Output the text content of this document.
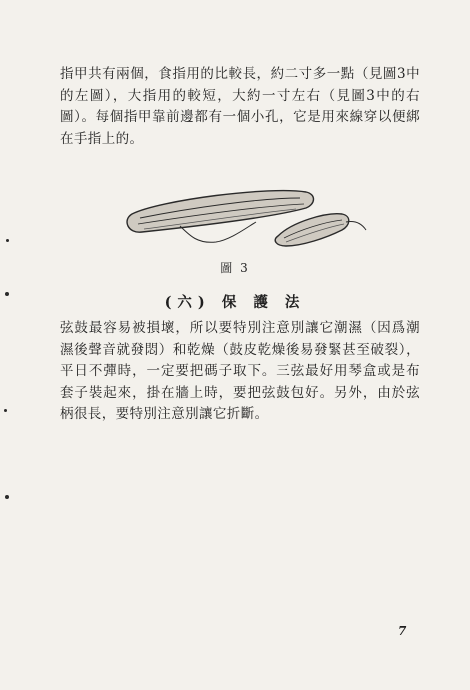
指甲共有兩個，食指用的比較長，約二寸多一點（見圖3中的左圖），大指用的較短，大約一寸左右（見圖3中的右圖）。每個指甲靠前邊都有一個小孔，它是用來線穿以便綁在手指上的。
圖 3
(六) 保 護 法
弦鼓最容易被損壞，所以要特別注意別讓它潮濕（因爲潮濕後聲音就發悶）和乾燥（鼓皮乾燥後易發緊甚至破裂），平日不彈時，一定要把碼子取下。三弦最好用琴盒或是布套子裝起來，掛在牆上時，要把弦鼓包好。另外，由於弦柄很長，要特別注意別讓它折斷。
7
